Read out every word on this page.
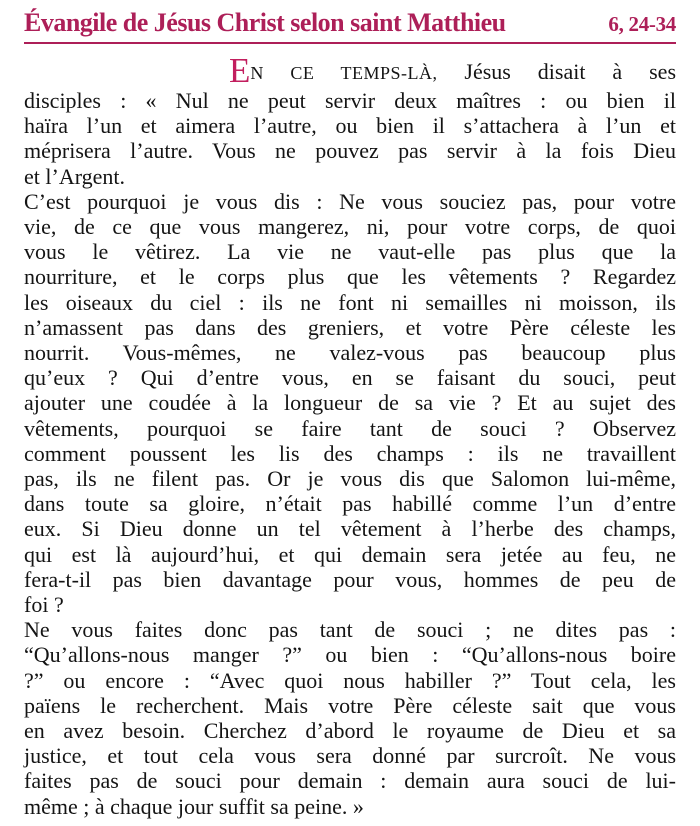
Évangile de Jésus Christ selon saint Matthieu	6, 24-34
EN CE TEMPS-LÀ, Jésus disait à ses
disciples : « Nul ne peut servir deux maîtres : ou bien il
haïra l’un et aimera l’autre, ou bien il s’attachera à l’un et
méprisera l’autre. Vous ne pouvez pas servir à la fois Dieu
et l’Argent.
C’est pourquoi je vous dis : Ne vous souciez pas, pour votre
vie, de ce que vous mangerez, ni, pour votre corps, de quoi
vous le vêtirez. La vie ne vaut-elle pas plus que la
nourriture, et le corps plus que les vêtements ? Regardez
les oiseaux du ciel : ils ne font ni semailles ni moisson, ils
n’amassent pas dans des greniers, et votre Père céleste les
nourrit. Vous-mêmes, ne valez-vous pas beaucoup plus
qu’eux ? Qui d’entre vous, en se faisant du souci, peut
ajouter une coudée à la longueur de sa vie ? Et au sujet des
vêtements, pourquoi se faire tant de souci ? Observez
comment poussent les lis des champs : ils ne travaillent
pas, ils ne filent pas. Or je vous dis que Salomon lui-même,
dans toute sa gloire, n’était pas habillé comme l’un d’entre
eux. Si Dieu donne un tel vêtement à l’herbe des champs,
qui est là aujourd’hui, et qui demain sera jetée au feu, ne
fera-t-il pas bien davantage pour vous, hommes de peu de
foi ?
Ne vous faites donc pas tant de souci ; ne dites pas :
“Qu’allons-nous manger ?” ou bien : “Qu’allons-nous boire
?” ou encore : “Avec quoi nous habiller ?” Tout cela, les
païens le recherchent. Mais votre Père céleste sait que vous
en avez besoin. Cherchez d’abord le royaume de Dieu et sa
justice, et tout cela vous sera donné par surcroît. Ne vous
faites pas de souci pour demain : demain aura souci de lui-
même ; à chaque jour suffit sa peine. »
